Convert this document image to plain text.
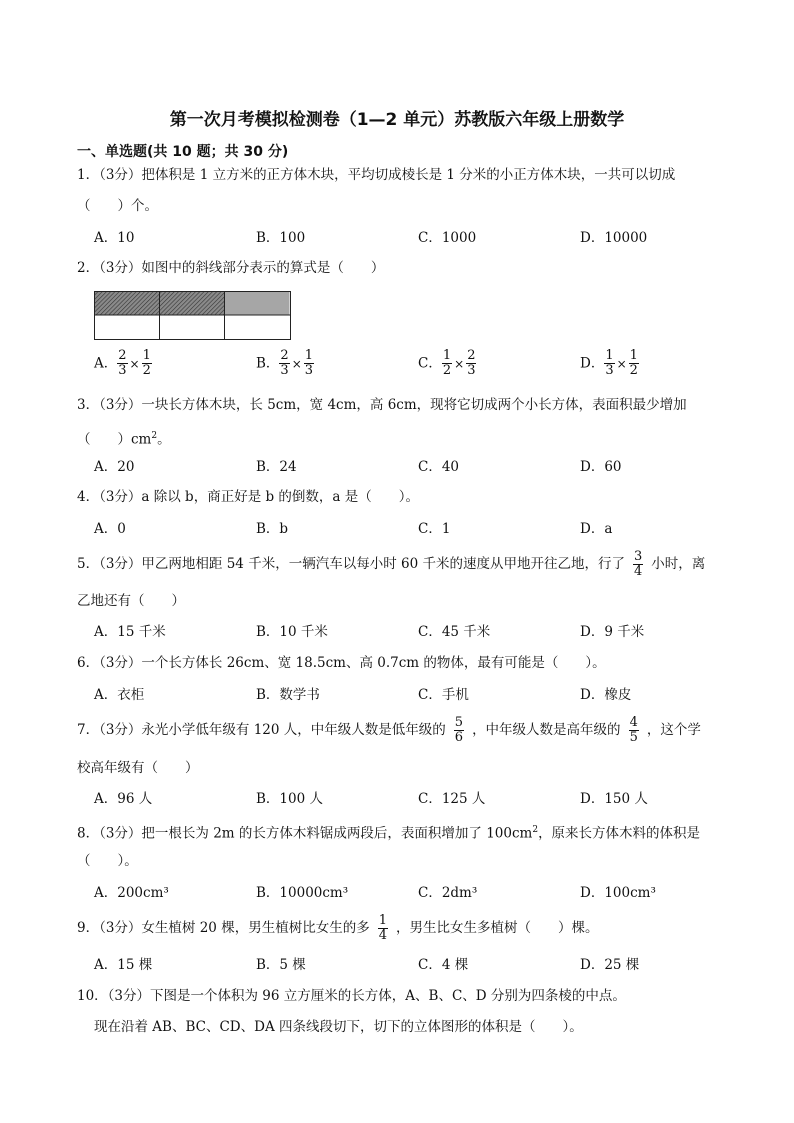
第一次月考模拟检测卷（1—2 单元）苏教版六年级上册数学
一、单选题(共 10 题；共 30 分)
1．（3分）把体积是 1 立方米的正方体木块，平均切成棱长是 1 分米的小正方体木块，一共可以切成
（　　）个。
A．10	B．100	C．1000	D．10000
2．（3分）如图中的斜线部分表示的算式是（　　）
A． $\frac{2}{3} \times \frac{1}{2}$	B． $\frac{2}{3} \times \frac{1}{3}$	C． $\frac{1}{2} \times \frac{2}{3}$	D． $\frac{1}{3} \times \frac{1}{2}$
3．（3分）一块长方体木块，长 5cm，宽 4cm，高 6cm，现将它切成两个小长方体，表面积最少增加
（　　）$cm^2$。
A．20	B．24	C．40	D．60
4．（3分）a 除以 b，商正好是 b 的倒数，a 是（　　）。
A．0	B．b	C．1	D．a
5．（3分）甲乙两地相距 54 千米，一辆汽车以每小时 60 千米的速度从甲地开往乙地，行了 $\frac{3}{4}$ 小时，离
乙地还有（　　）
A．15 千米	B．10 千米	C．45 千米	D．9 千米
6．（3分）一个长方体长 26cm、宽 18.5cm、高 0.7cm 的物体，最有可能是（　　）。
A．衣柜	B．数学书	C．手机	D．橡皮
7．（3分）永光小学低年级有 120 人，中年级人数是低年级的 $\frac{5}{6}$ ，中年级人数是高年级的 $\frac{4}{5}$ ，这个学
校高年级有（　　）
A．96 人	B．100 人	C．125 人	D．150 人
8．（3分）把一根长为 2m 的长方体木料锯成两段后，表面积增加了 $100cm^2$，原来长方体木料的体积是
（　　）。
A．200cm³	B．10000cm³	C．2dm³	D．100cm³
9．（3分）女生植树 20 棵，男生植树比女生的多 $\frac{1}{4}$ ，男生比女生多植树（　　）棵。
A．15 棵	B．5 棵	C．4 棵	D．25 棵
10．（3分）下图是一个体积为 96 立方厘米的长方体，A、B、C、D 分别为四条棱的中点。
现在沿着 AB、BC、CD、DA 四条线段切下，切下的立体图形的体积是（　　）。
